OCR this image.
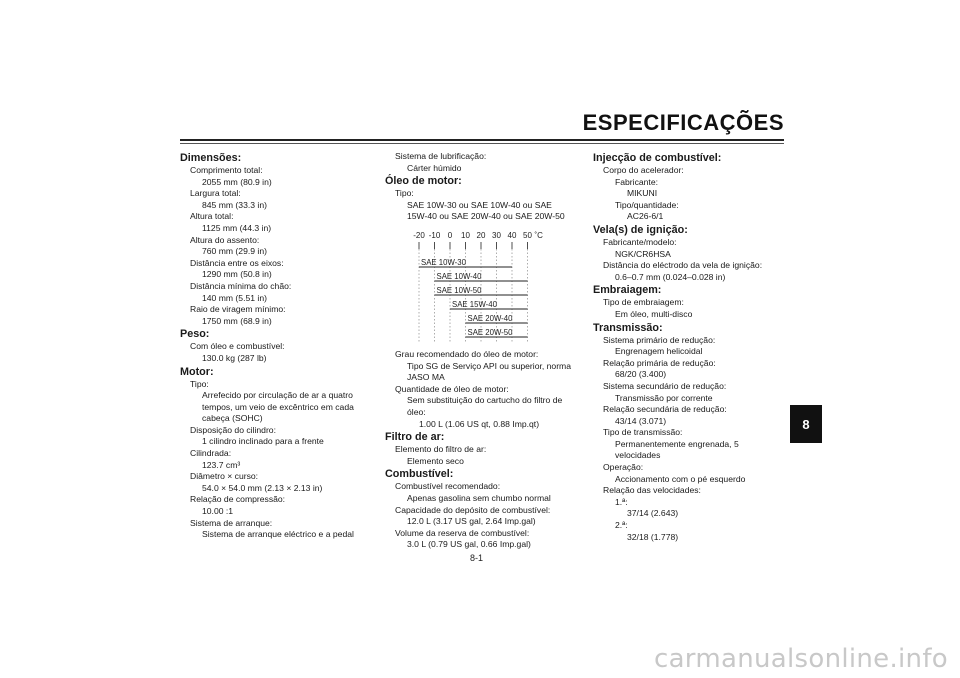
ESPECIFICAÇÕES
8
Dimensões:
Comprimento total:
2055 mm (80.9 in)
Largura total:
845 mm (33.3 in)
Altura total:
1125 mm (44.3 in)
Altura do assento:
760 mm (29.9 in)
Distância entre os eixos:
1290 mm (50.8 in)
Distância mínima do chão:
140 mm (5.51 in)
Raio de viragem mínimo:
1750 mm (68.9 in)
Peso:
Com óleo e combustível:
130.0 kg (287 lb)
Motor:
Tipo:
Arrefecido por circulação de ar a quatro
tempos, um veio de excêntrico em cada
cabeça (SOHC)
Disposição do cilindro:
1 cilindro inclinado para a frente
Cilindrada:
123.7 cm³
Diâmetro × curso:
54.0 × 54.0 mm (2.13 × 2.13 in)
Relação de compressão:
10.00 :1
Sistema de arranque:
Sistema de arranque eléctrico e a pedal
Sistema de lubrificação:
Cárter húmido
Óleo de motor:
Tipo:
SAE 10W-30 ou SAE 10W-40 ou SAE
15W-40 ou SAE 20W-40 ou SAE 20W-50
-20 -10 0 10 20 30 40 50 ˚C
SAE 10W-30
SAE 10W-40
SAE 10W-50
SAE 15W-40
SAE 20W-40
SAE 20W-50
Grau recomendado do óleo de motor:
Tipo SG de Serviço API ou superior, norma
JASO MA
Quantidade de óleo de motor:
Sem substituição do cartucho do filtro de
óleo:
1.00 L (1.06 US qt, 0.88 Imp.qt)
Filtro de ar:
Elemento do filtro de ar:
Elemento seco
Combustível:
Combustível recomendado:
Apenas gasolina sem chumbo normal
Capacidade do depósito de combustível:
12.0 L (3.17 US gal, 2.64 Imp.gal)
Volume da reserva de combustível:
3.0 L (0.79 US gal, 0.66 Imp.gal)
Injecção de combustível:
Corpo do acelerador:
Fabricante:
MIKUNI
Tipo/quantidade:
AC26-6/1
Vela(s) de ignição:
Fabricante/modelo:
NGK/CR6HSA
Distância do eléctrodo da vela de ignição:
0.6–0.7 mm (0.024–0.028 in)
Embraiagem:
Tipo de embraiagem:
Em óleo, multi-disco
Transmissão:
Sistema primário de redução:
Engrenagem helicoidal
Relação primária de redução:
68/20 (3.400)
Sistema secundário de redução:
Transmissão por corrente
Relação secundária de redução:
43/14 (3.071)
Tipo de transmissão:
Permanentemente engrenada, 5
velocidades
Operação:
Accionamento com o pé esquerdo
Relação das velocidades:
1.ª:
37/14 (2.643)
2.ª:
32/18 (1.778)
8-1
carmanualsonline.info
